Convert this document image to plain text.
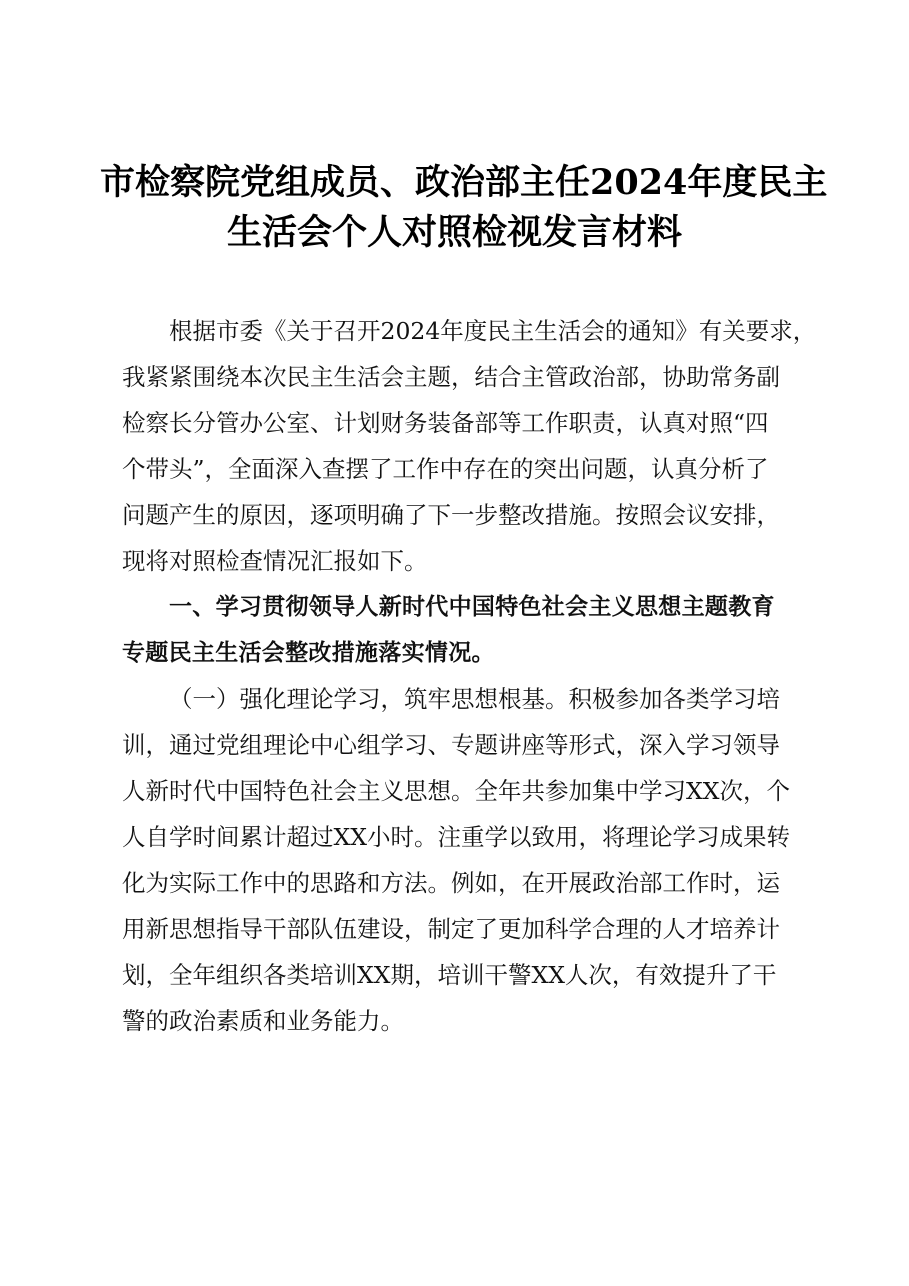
市检察院党组成员、政治部主任2024年度民主
生活会个人对照检视发言材料
根据市委《关于召开2024年度民主生活会的通知》有关要求，
我紧紧围绕本次民主生活会主题，结合主管政治部，协助常务副
检察长分管办公室、计划财务装备部等工作职责，认真对照“四
个带头”，全面深入查摆了工作中存在的突出问题，认真分析了
问题产生的原因，逐项明确了下一步整改措施。按照会议安排，
现将对照检查情况汇报如下。
一、学习贯彻领导人新时代中国特色社会主义思想主题教育
专题民主生活会整改措施落实情况。
（一）强化理论学习，筑牢思想根基。积极参加各类学习培
训，通过党组理论中心组学习、专题讲座等形式，深入学习领导
人新时代中国特色社会主义思想。全年共参加集中学习XX次，个
人自学时间累计超过XX小时。注重学以致用，将理论学习成果转
化为实际工作中的思路和方法。例如，在开展政治部工作时，运
用新思想指导干部队伍建设，制定了更加科学合理的人才培养计
划，全年组织各类培训XX期，培训干警XX人次，有效提升了干
警的政治素质和业务能力。
